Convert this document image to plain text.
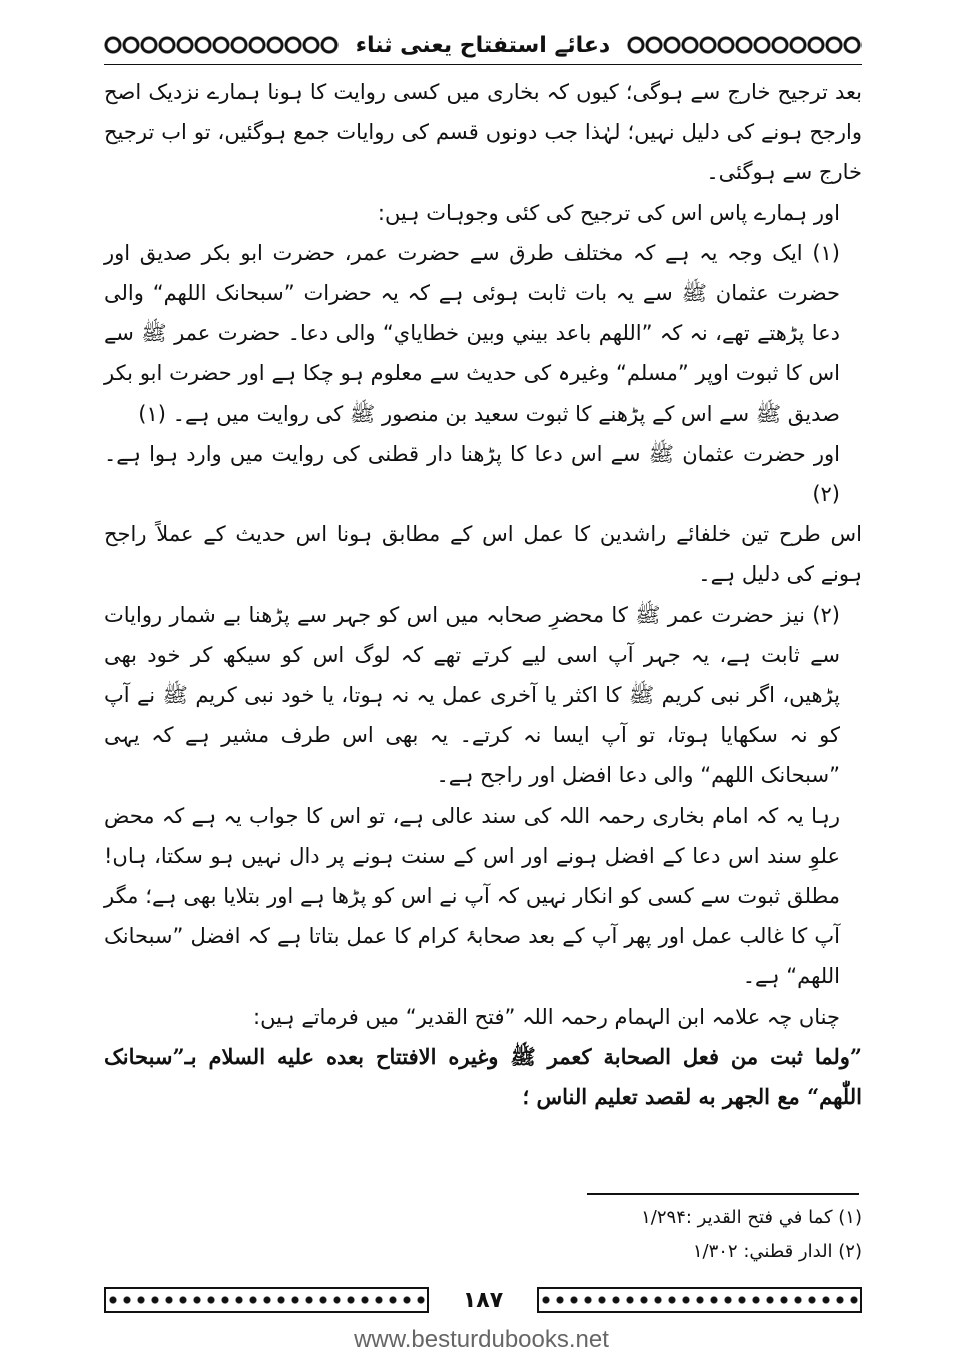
دعائے استفتاح یعنی ثناء

بعد ترجیح خارج سے ہوگی؛ کیوں کہ بخاری میں کسی روایت کا ہونا ہمارے نزدیک اصح وارجح ہونے کی دلیل نہیں؛ لہٰذا جب دونوں قسم کی روایات جمع ہوگئیں، تو اب ترجیح خارج سے ہوگئی۔

اور ہمارے پاس اس کی ترجیح کی کئی وجوہات ہیں:

(۱) ایک وجہ یہ ہے کہ مختلف طرق سے حضرت عمر، حضرت ابو بکر صدیق اور حضرت عثمان ﷺ سے یہ بات ثابت ہوئی ہے کہ یہ حضرات ”سبحانک اللھم“ والی دعا پڑھتے تھے، نہ کہ ”اللهم باعد بيني وبين خطاياي“ والی دعا۔ حضرت عمر ﷺ سے اس کا ثبوت اوپر ”مسلم“ وغیرہ کی حدیث سے معلوم ہو چکا ہے اور حضرت ابو بکر صدیق ﷺ سے اس کے پڑھنے کا ثبوت سعید بن منصور ﷺ کی روایت میں ہے۔ (۱)

اور حضرت عثمان ﷺ سے اس دعا کا پڑھنا دار قطنی کی روایت میں وارد ہوا ہے۔ (۲)

اس طرح تین خلفائے راشدین کا عمل اس کے مطابق ہونا اس حدیث کے عملاً راجح ہونے کی دلیل ہے۔

(۲) نیز حضرت عمر ﷺ کا محضرِ صحابہ میں اس کو جہر سے پڑھنا بے شمار روایات سے ثابت ہے، یہ جہر آپ اسی لیے کرتے تھے کہ لوگ اس کو سیکھ کر خود بھی پڑھیں، اگر نبی کریم ﷺ کا اکثر یا آخری عمل یہ نہ ہوتا، یا خود نبی کریم ﷺ نے آپ کو نہ سکھایا ہوتا، تو آپ ایسا نہ کرتے۔ یہ بھی اس طرف مشیر ہے کہ یہی ”سبحانک اللھم“ والی دعا افضل اور راجح ہے۔

رہا یہ کہ امام بخاری رحمہ اللہ کی سند عالی ہے، تو اس کا جواب یہ ہے کہ محض علوِ سند اس دعا کے افضل ہونے اور اس کے سنت ہونے پر دال نہیں ہو سکتا، ہاں! مطلق ثبوت سے کسی کو انکار نہیں کہ آپ نے اس کو پڑھا ہے اور بتلایا بھی ہے؛ مگر آپ کا غالب عمل اور پھر آپ کے بعد صحابۂ کرام کا عمل بتاتا ہے کہ افضل ”سبحانک اللھم“ ہے۔

چناں چہ علامہ ابن الہمام رحمہ اللہ ”فتح القدیر“ میں فرماتے ہیں:

”ولما ثبت من فعل الصحابة كعمر ﷺ وغيره الافتتاح بعده عليه السلام بـ”سبحانک اللّٰهم“ مع الجهر به لقصد تعليم الناس ؛

(۱) کما في فتح القدير :۱/۲۹۴
(۲) الدار قطني: ۱/۳۰۲
۱۸۷
www.besturdubooks.net
